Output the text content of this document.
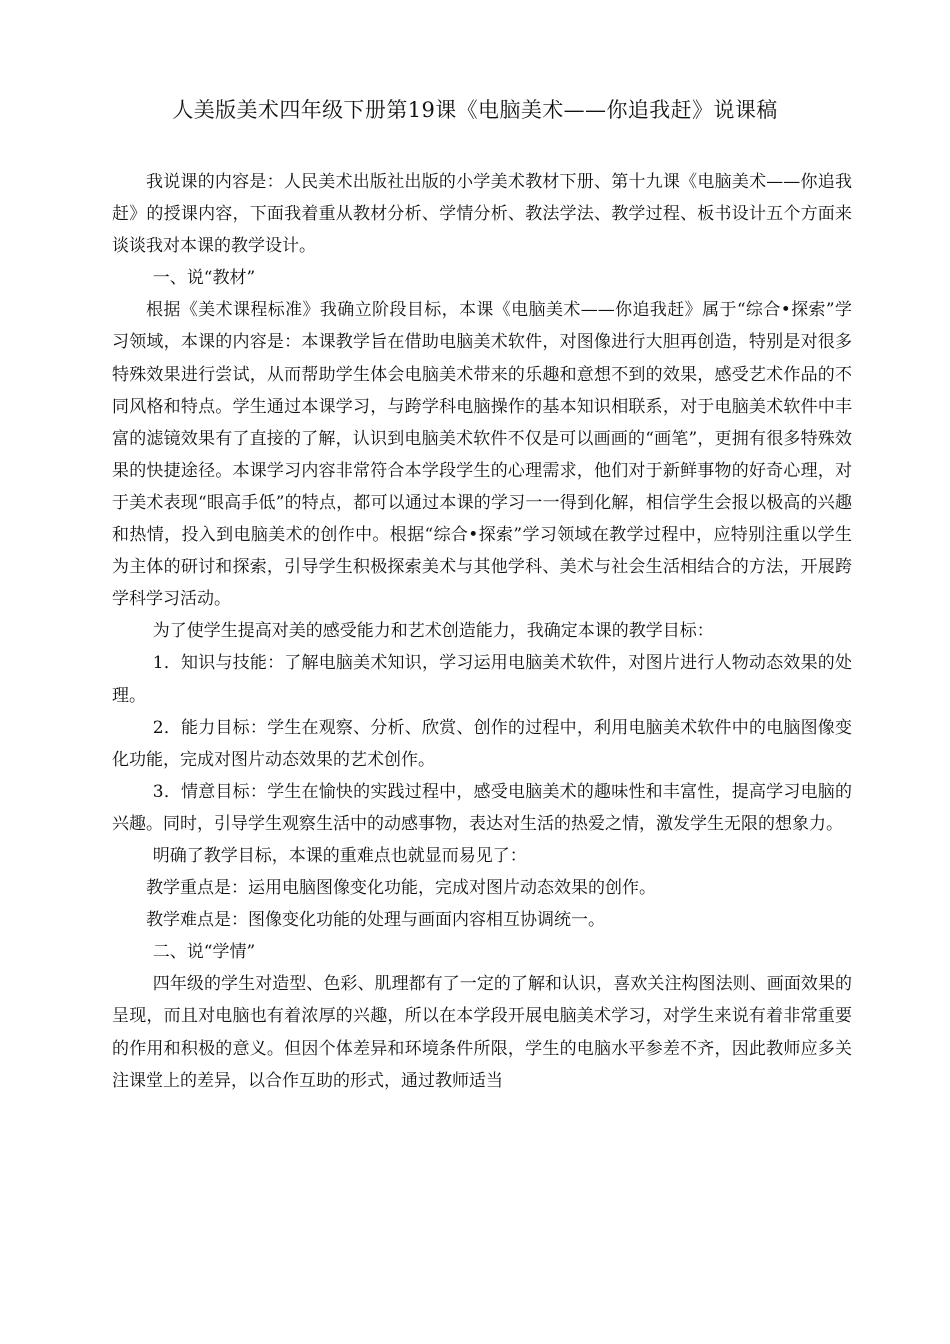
人美版美术四年级下册第19课《电脑美术——你追我赶》说课稿

我说课的内容是：人民美术出版社出版的小学美术教材下册、第十九课《电脑美术——你追我赶》的授课内容，下面我着重从教材分析、学情分析、教法学法、教学过程、板书设计五个方面来谈谈我对本课的教学设计。

一、说“教材”

根据《美术课程标准》我确立阶段目标，本课《电脑美术——你追我赶》属于“综合•探索”学习领域，本课的内容是：本课教学旨在借助电脑美术软件，对图像进行大胆再创造，特别是对很多特殊效果进行尝试，从而帮助学生体会电脑美术带来的乐趣和意想不到的效果，感受艺术作品的不同风格和特点。学生通过本课学习，与跨学科电脑操作的基本知识相联系，对于电脑美术软件中丰富的滤镜效果有了直接的了解，认识到电脑美术软件不仅是可以画画的“画笔”，更拥有很多特殊效果的快捷途径。本课学习内容非常符合本学段学生的心理需求，他们对于新鲜事物的好奇心理，对于美术表现“眼高手低”的特点，都可以通过本课的学习一一得到化解，相信学生会报以极高的兴趣和热情，投入到电脑美术的创作中。根据“综合•探索”学习领域在教学过程中，应特别注重以学生为主体的研讨和探索，引导学生积极探索美术与其他学科、美术与社会生活相结合的方法，开展跨学科学习活动。

为了使学生提高对美的感受能力和艺术创造能力，我确定本课的教学目标：

1．知识与技能：了解电脑美术知识，学习运用电脑美术软件，对图片进行人物动态效果的处理。

2．能力目标：学生在观察、分析、欣赏、创作的过程中，利用电脑美术软件中的电脑图像变化功能，完成对图片动态效果的艺术创作。

3．情意目标：学生在愉快的实践过程中，感受电脑美术的趣味性和丰富性，提高学习电脑的兴趣。同时，引导学生观察生活中的动感事物，表达对生活的热爱之情，激发学生无限的想象力。

明确了教学目标，本课的重难点也就显而易见了：

教学重点是：运用电脑图像变化功能，完成对图片动态效果的创作。

教学难点是：图像变化功能的处理与画面内容相互协调统一。

二、说“学情”

四年级的学生对造型、色彩、肌理都有了一定的了解和认识，喜欢关注构图法则、画面效果的呈现，而且对电脑也有着浓厚的兴趣，所以在本学段开展电脑美术学习，对学生来说有着非常重要的作用和积极的意义。但因个体差异和环境条件所限，学生的电脑水平参差不齐，因此教师应多关注课堂上的差异，以合作互助的形式，通过教师适当
